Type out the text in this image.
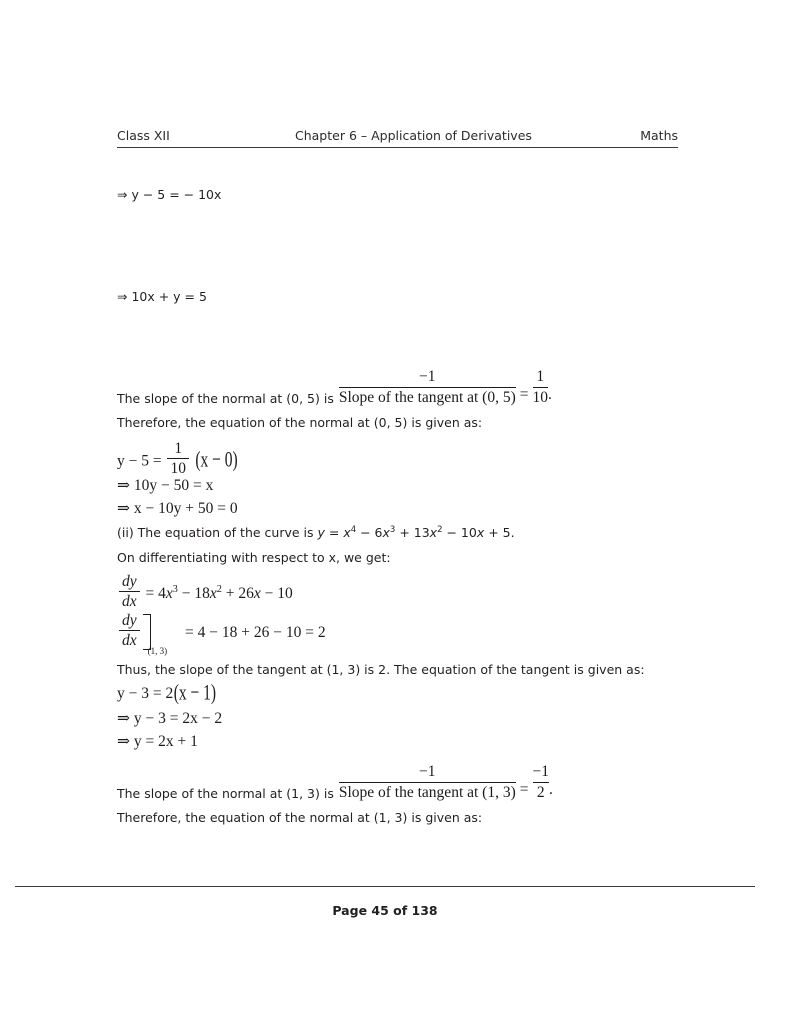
Class XII	Chapter 6 – Application of Derivatives	Maths
⇒ y − 5 = − 10x
⇒ 10x + y = 5
The slope of the normal at (0, 5) is $\frac{-1}{\text{Slope of the tangent at (0, 5)}} = \frac{1}{10}$ .
Therefore, the equation of the normal at (0, 5) is given as:
$y - 5 = \frac{1}{10} (x - 0)$
⇒ 10y − 50 = x
⇒ x − 10y + 50 = 0
(ii) The equation of the curve is $y = x^4 - 6x^3 + 13x^2 - 10x + 5$.
On differentiating with respect to x, we get:
$\frac{dy}{dx} = 4x^3 - 18x^2 + 26x - 10$
$\frac{dy}{dx}$
$_{(1, 3)}$ = 4 − 18 + 26 − 10 = 2
Thus, the slope of the tangent at (1, 3) is 2. The equation of the tangent is given as:
y − 3 = 2(x − 1)
⇒ y − 3 = 2x − 2
⇒ y = 2x + 1
The slope of the normal at (1, 3) is $\frac{-1}{\text{Slope of the tangent at (1, 3)}} = \frac{-1}{2}$ .
Therefore, the equation of the normal at (1, 3) is given as:
Page 45 of 138
